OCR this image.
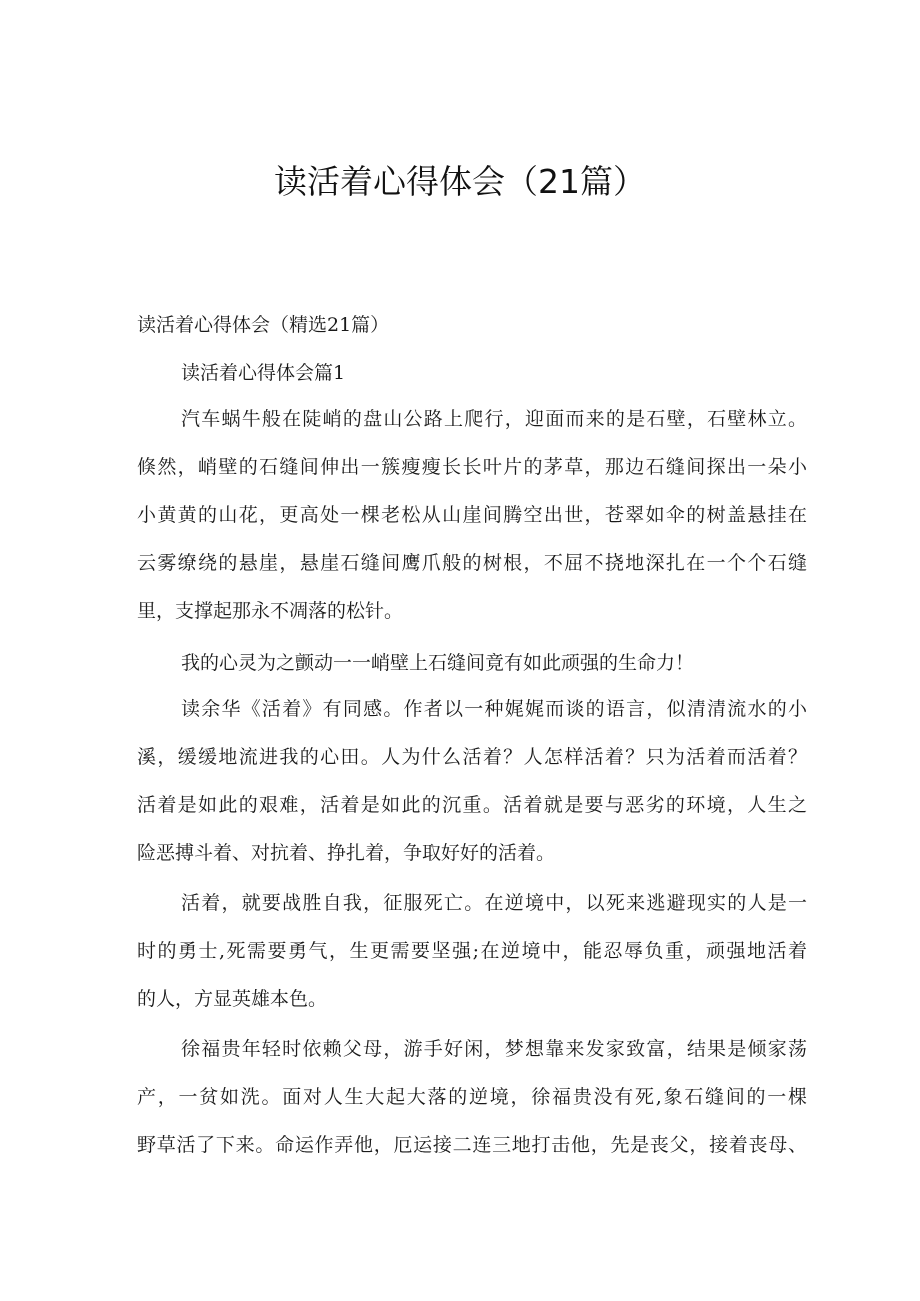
读活着心得体会（21篇）
读活着心得体会（精选21篇）
读活着心得体会篇1
汽车蜗牛般在陡峭的盘山公路上爬行，迎面而来的是石壁，石壁林立。
倏然，峭壁的石缝间伸出一簇瘦瘦长长叶片的茅草，那边石缝间探出一朵小
小黄黄的山花，更高处一棵老松从山崖间腾空出世，苍翠如伞的树盖悬挂在
云雾缭绕的悬崖，悬崖石缝间鹰爪般的树根，不屈不挠地深扎在一个个石缝
里，支撑起那永不凋落的松针。
我的心灵为之颤动一一峭壁上石缝间竟有如此顽强的生命力！
读余华《活着》有同感。作者以一种娓娓而谈的语言，似清清流水的小
溪，缓缓地流进我的心田。人为什么活着？人怎样活着？只为活着而活着？
活着是如此的艰难，活着是如此的沉重。活着就是要与恶劣的环境，人生之
险恶搏斗着、对抗着、挣扎着，争取好好的活着。
活着，就要战胜自我，征服死亡。在逆境中，以死来逃避现实的人是一
时的勇士,死需要勇气，生更需要坚强;在逆境中，能忍辱负重，顽强地活着
的人，方显英雄本色。
徐福贵年轻时依赖父母，游手好闲，梦想靠来发家致富，结果是倾家荡
产，一贫如洗。面对人生大起大落的逆境，徐福贵没有死,象石缝间的一棵
野草活了下来。命运作弄他，厄运接二连三地打击他，先是丧父，接着丧母、
